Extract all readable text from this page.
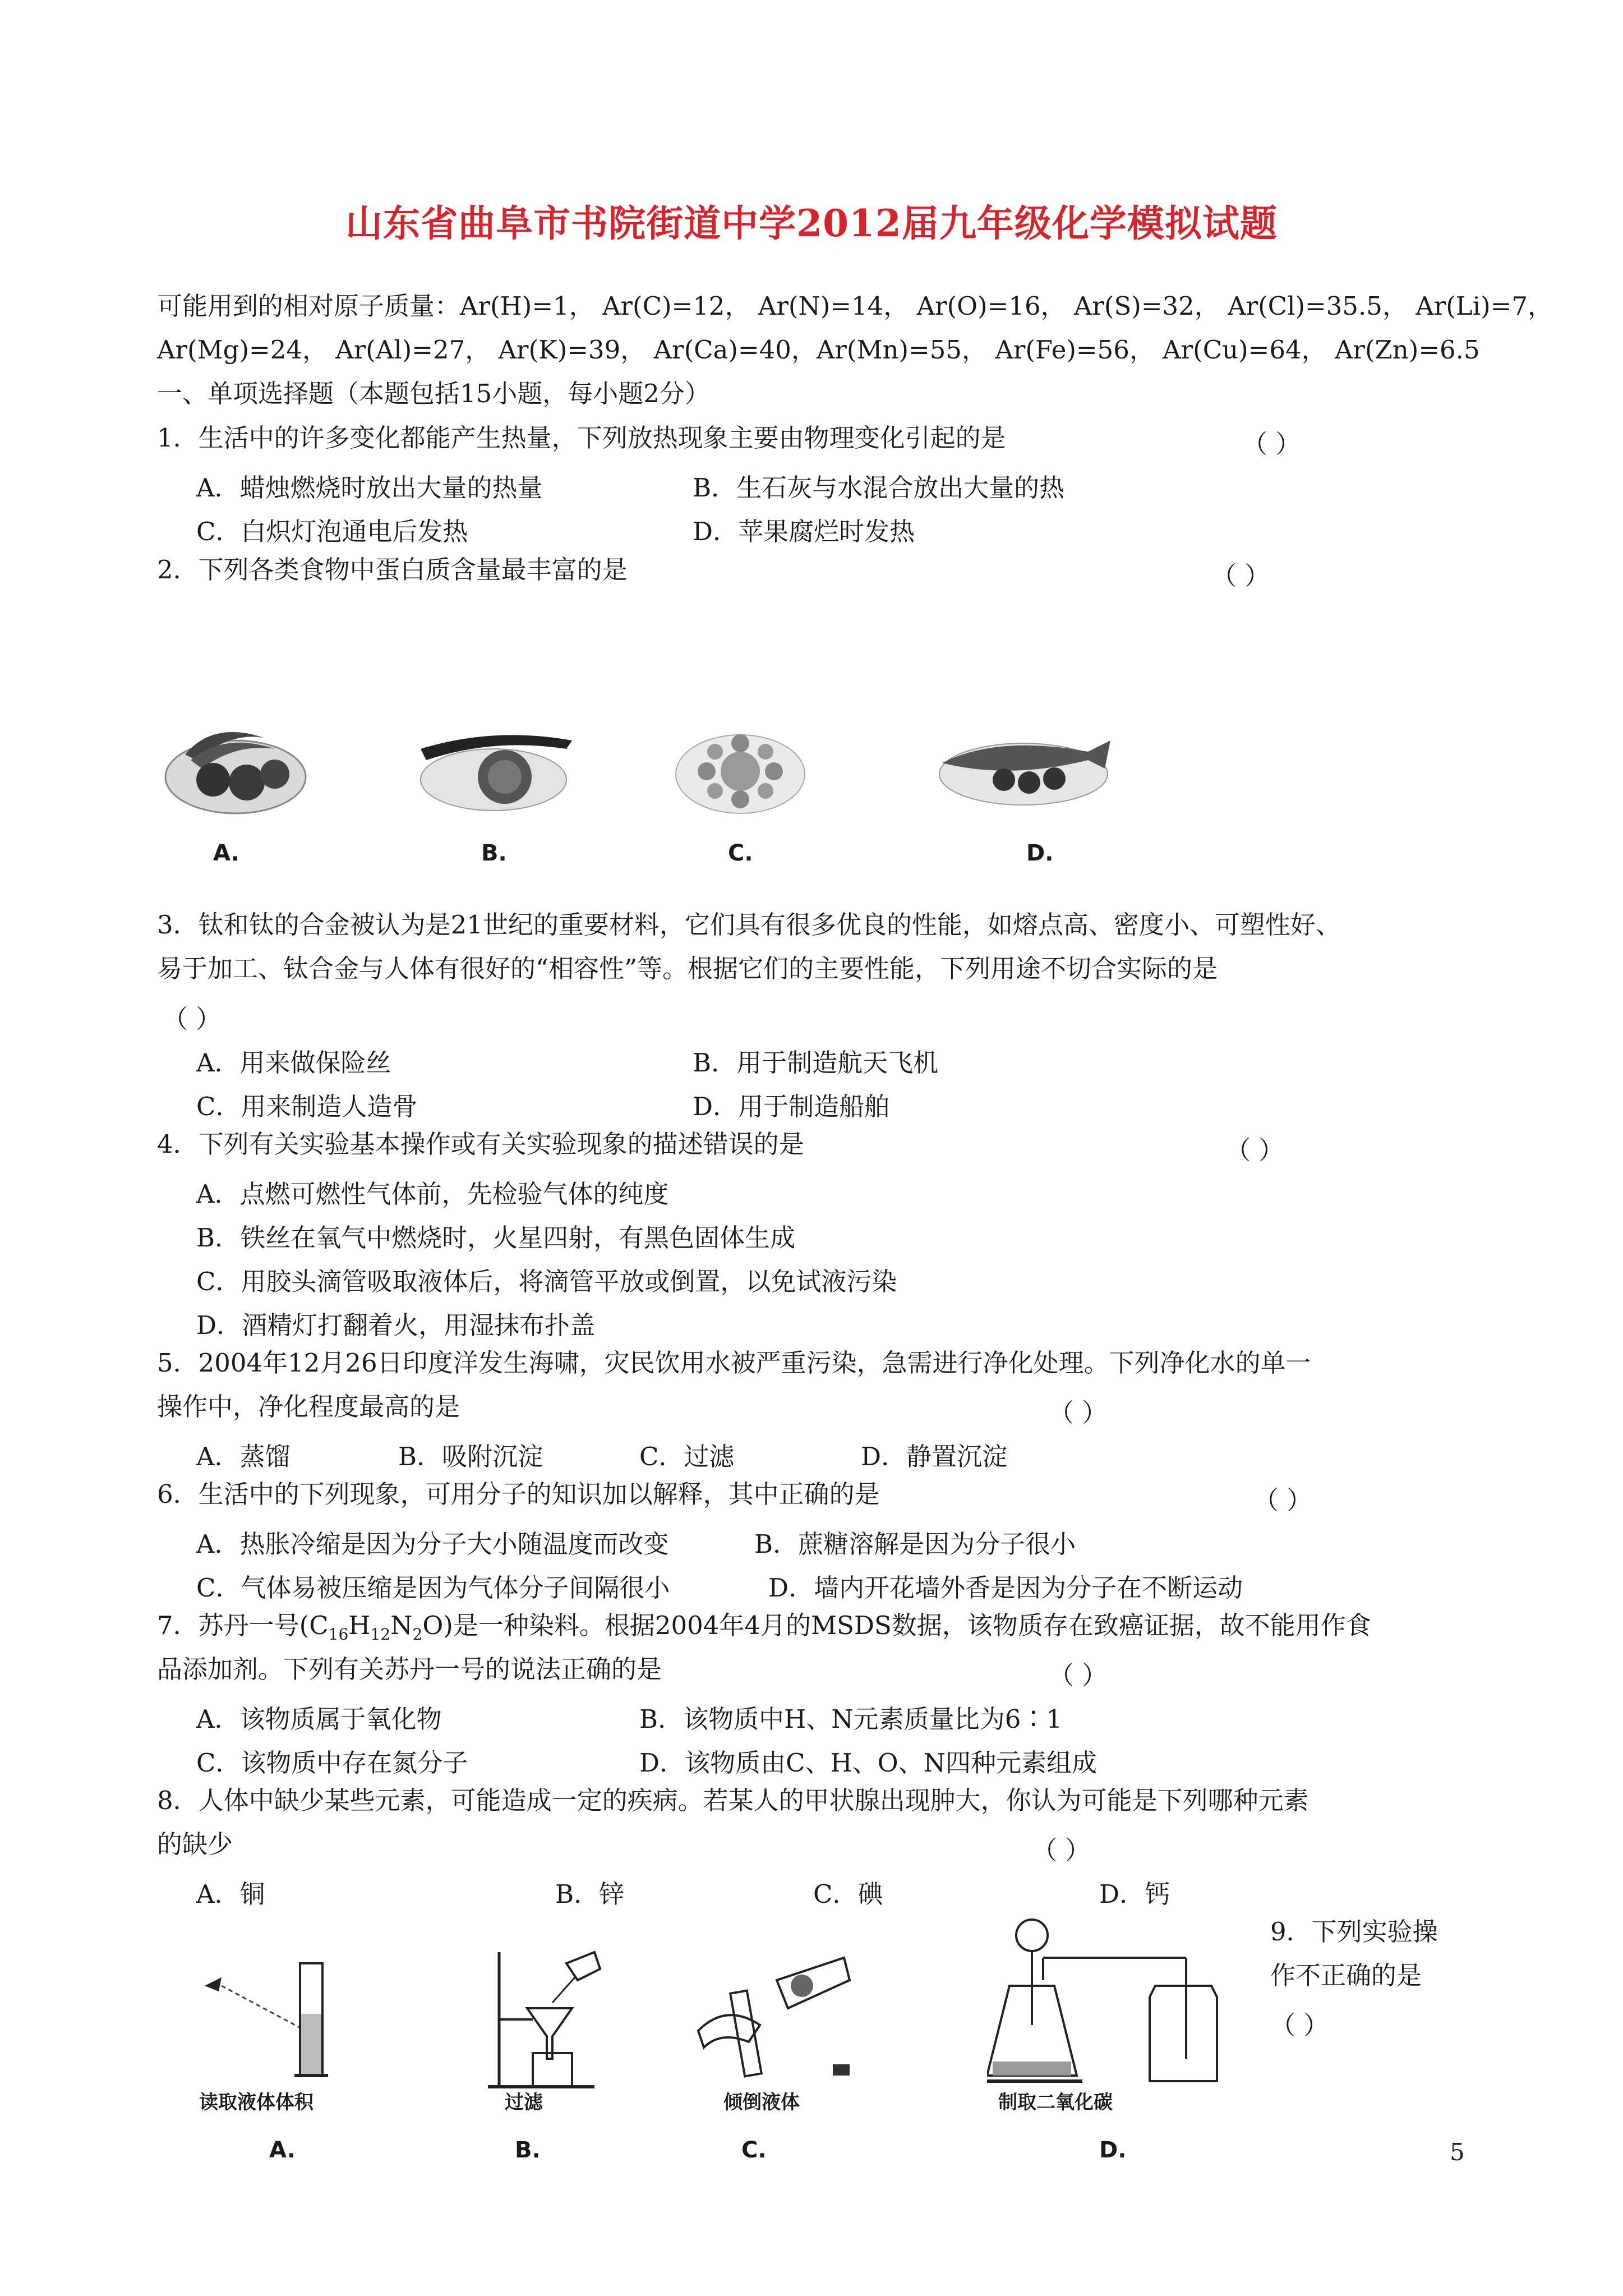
山东省曲阜市书院街道中学2012届九年级化学模拟试题
可能用到的相对原子质量：Ar(H)=1， Ar(C)=12， Ar(N)=14， Ar(O)=16， Ar(S)=32， Ar(Cl)=35.5， Ar(Li)=7，
Ar(Mg)=24， Ar(Al)=27， Ar(K)=39， Ar(Ca)=40，Ar(Mn)=55， Ar(Fe)=56， Ar(Cu)=64， Ar(Zn)=6.5
一、单项选择题（本题包括15小题，每小题2分）
1．生活中的许多变化都能产生热量，下列放热现象主要由物理变化引起的是	（ ）
A．蜡烛燃烧时放出大量的热量	B．生石灰与水混合放出大量的热
C．白炽灯泡通电后发热	D．苹果腐烂时发热
2．下列各类食物中蛋白质含量最丰富的是	（ ）
A.	B.	C.	D.
3．钛和钛的合金被认为是21世纪的重要材料，它们具有很多优良的性能，如熔点高、密度小、可塑性好、
易于加工、钛合金与人体有很好的“相容性”等。根据它们的主要性能，下列用途不切合实际的是
（ ）
A．用来做保险丝	B．用于制造航天飞机
C．用来制造人造骨	D．用于制造船舶
4．下列有关实验基本操作或有关实验现象的描述错误的是	（ ）
A．点燃可燃性气体前，先检验气体的纯度
B．铁丝在氧气中燃烧时，火星四射，有黑色固体生成
C．用胶头滴管吸取液体后，将滴管平放或倒置，以免试液污染
D．酒精灯打翻着火，用湿抹布扑盖
5．2004年12月26日印度洋发生海啸，灾民饮用水被严重污染，急需进行净化处理。下列净化水的单一
操作中，净化程度最高的是	（ ）
A．蒸馏	B．吸附沉淀	C．过滤	D．静置沉淀
6．生活中的下列现象，可用分子的知识加以解释，其中正确的是	（ ）
A．热胀冷缩是因为分子大小随温度而改变	B．蔗糖溶解是因为分子很小
C．气体易被压缩是因为气体分子间隔很小	D．墙内开花墙外香是因为分子在不断运动
7．苏丹一号$(C_{16}H_{12}N_2O)$是一种染料。根据2004年4月的MSDS数据，该物质存在致癌证据，故不能用作食
品添加剂。下列有关苏丹一号的说法正确的是	（ ）
A．该物质属于氧化物	B．该物质中H、N元素质量比为6∶1
C．该物质中存在氮分子	D．该物质由C、H、O、N四种元素组成
8．人体中缺少某些元素，可能造成一定的疾病。若某人的甲状腺出现肿大，你认为可能是下列哪种元素
的缺少	（ ）
A．铜	B．锌	C．碘	D．钙
9．下列实验操
作不正确的是
（ ）
读取液体体积	过滤	倾倒液体	制取二氧化碳
A.	B.	C.	D.	5
